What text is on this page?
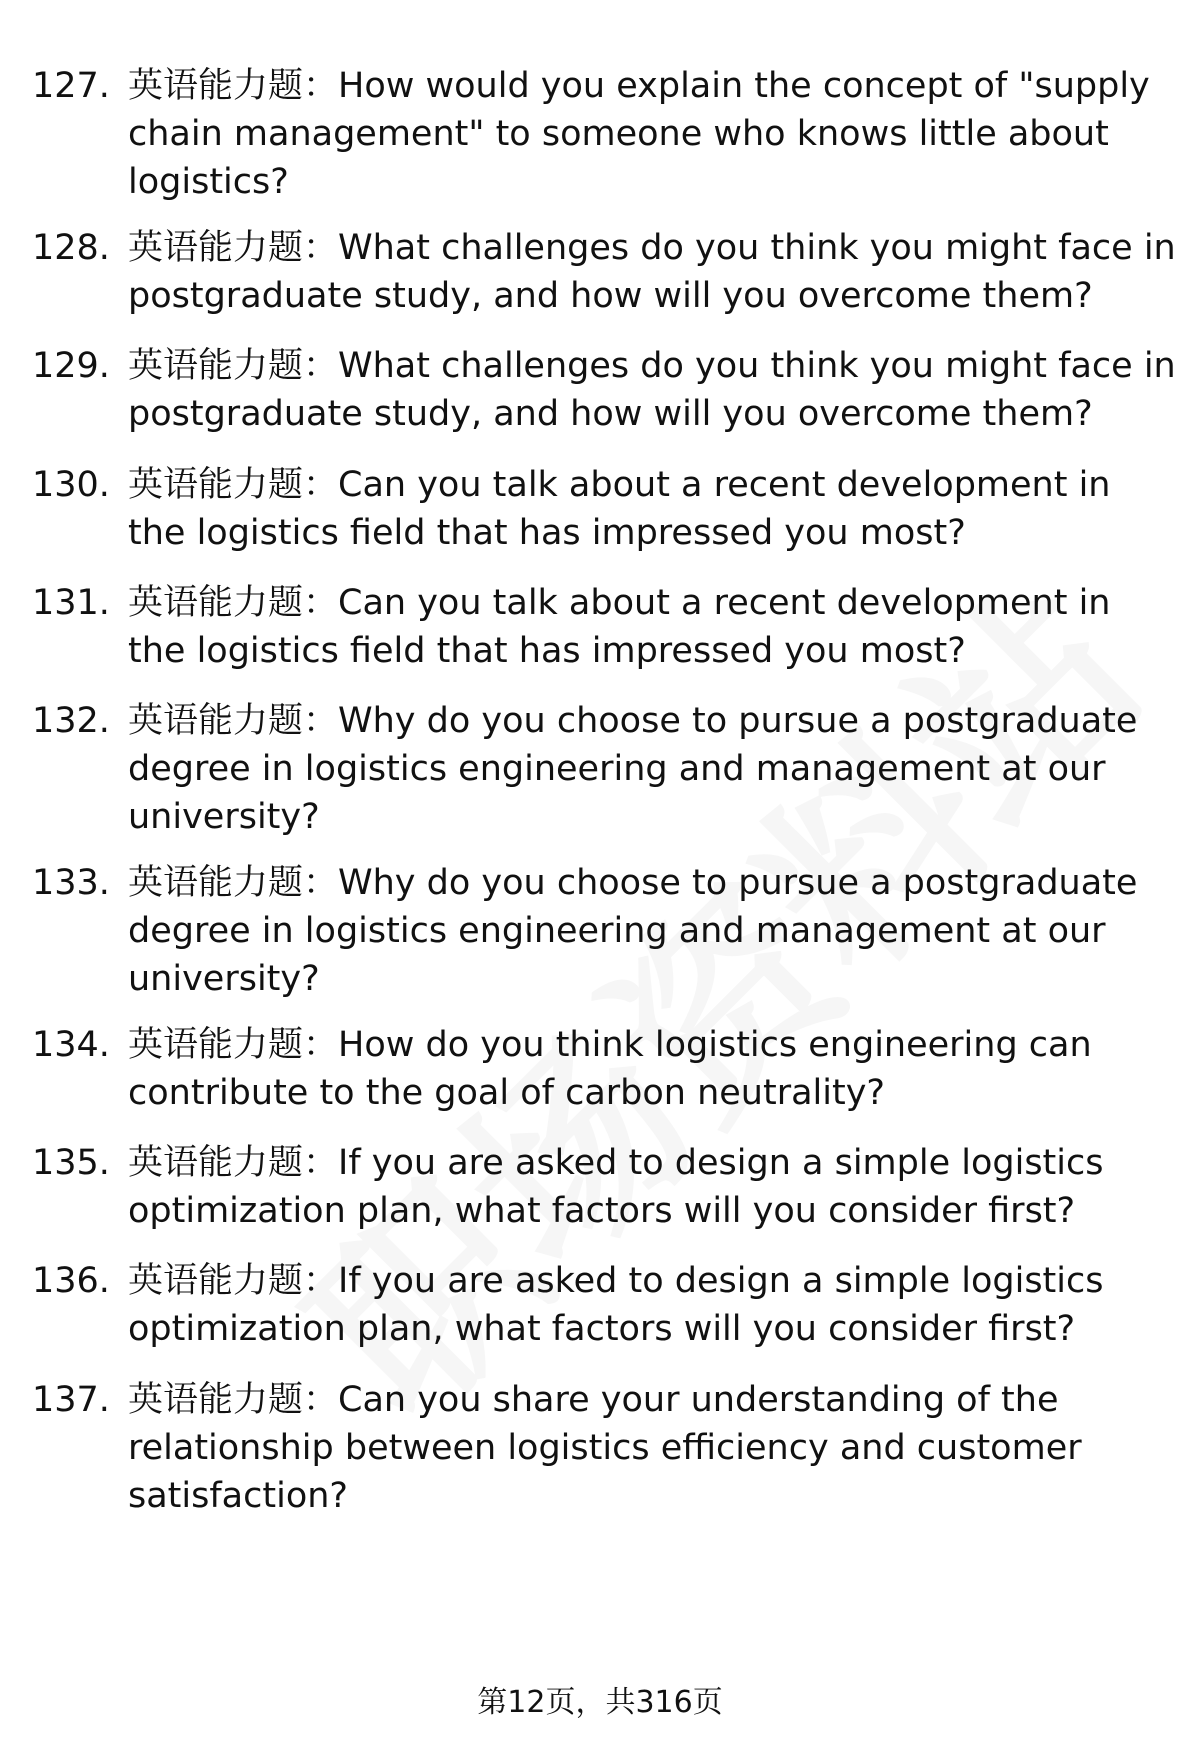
127. 英语能力题：How would you explain the concept of "supply chain management" to someone who knows little about logistics?
128. 英语能力题：What challenges do you think you might face in postgraduate study, and how will you overcome them?
129. 英语能力题：What challenges do you think you might face in postgraduate study, and how will you overcome them?
130. 英语能力题：Can you talk about a recent development in the logistics field that has impressed you most?
131. 英语能力题：Can you talk about a recent development in the logistics field that has impressed you most?
132. 英语能力题：Why do you choose to pursue a postgraduate degree in logistics engineering and management at our university?
133. 英语能力题：Why do you choose to pursue a postgraduate degree in logistics engineering and management at our university?
134. 英语能力题：How do you think logistics engineering can contribute to the goal of carbon neutrality?
135. 英语能力题：If you are asked to design a simple logistics optimization plan, what factors will you consider first?
136. 英语能力题：If you are asked to design a simple logistics optimization plan, what factors will you consider first?
137. 英语能力题：Can you share your understanding of the relationship between logistics efficiency and customer satisfaction?
第12页，共316页
